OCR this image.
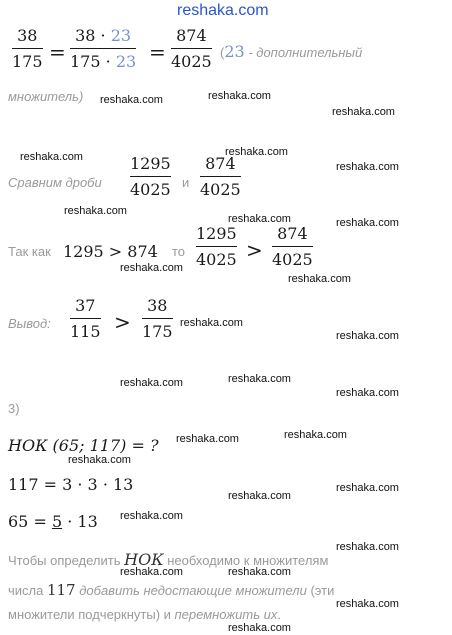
reshaka.com
38
175 =
38 · 23
175 · 23 =
874
4025 (23 - дополнительный
множитель) reshaka.com	reshaka.com
reshaka.com
reshaka.com
reshaka.com
reshaka.com
Сравним дроби
1295
4025 и
874
4025
reshaka.com
reshaka.com	reshaka.com
Так как 1295 > 874 то
1295
4025 >
874
4025
reshaka.com
reshaka.com
Вывод:
37
115 >
38
175 reshaka.com
reshaka.com
reshaka.com	reshaka.com
reshaka.com
3)
НОК (65; 117) = ? reshaka.com	reshaka.com
reshaka.com
117 = 3 · 3 · 13	reshaka.com
reshaka.com
65 = 5 · 13 reshaka.com
reshaka.com
Чтобы определить НОК необходимо к множителям
reshaka.com	reshaka.com
числа 117 добавить недостающие множители (эти
reshaka.com
множители подчеркнуты) и перемножить их.
reshaka.com
